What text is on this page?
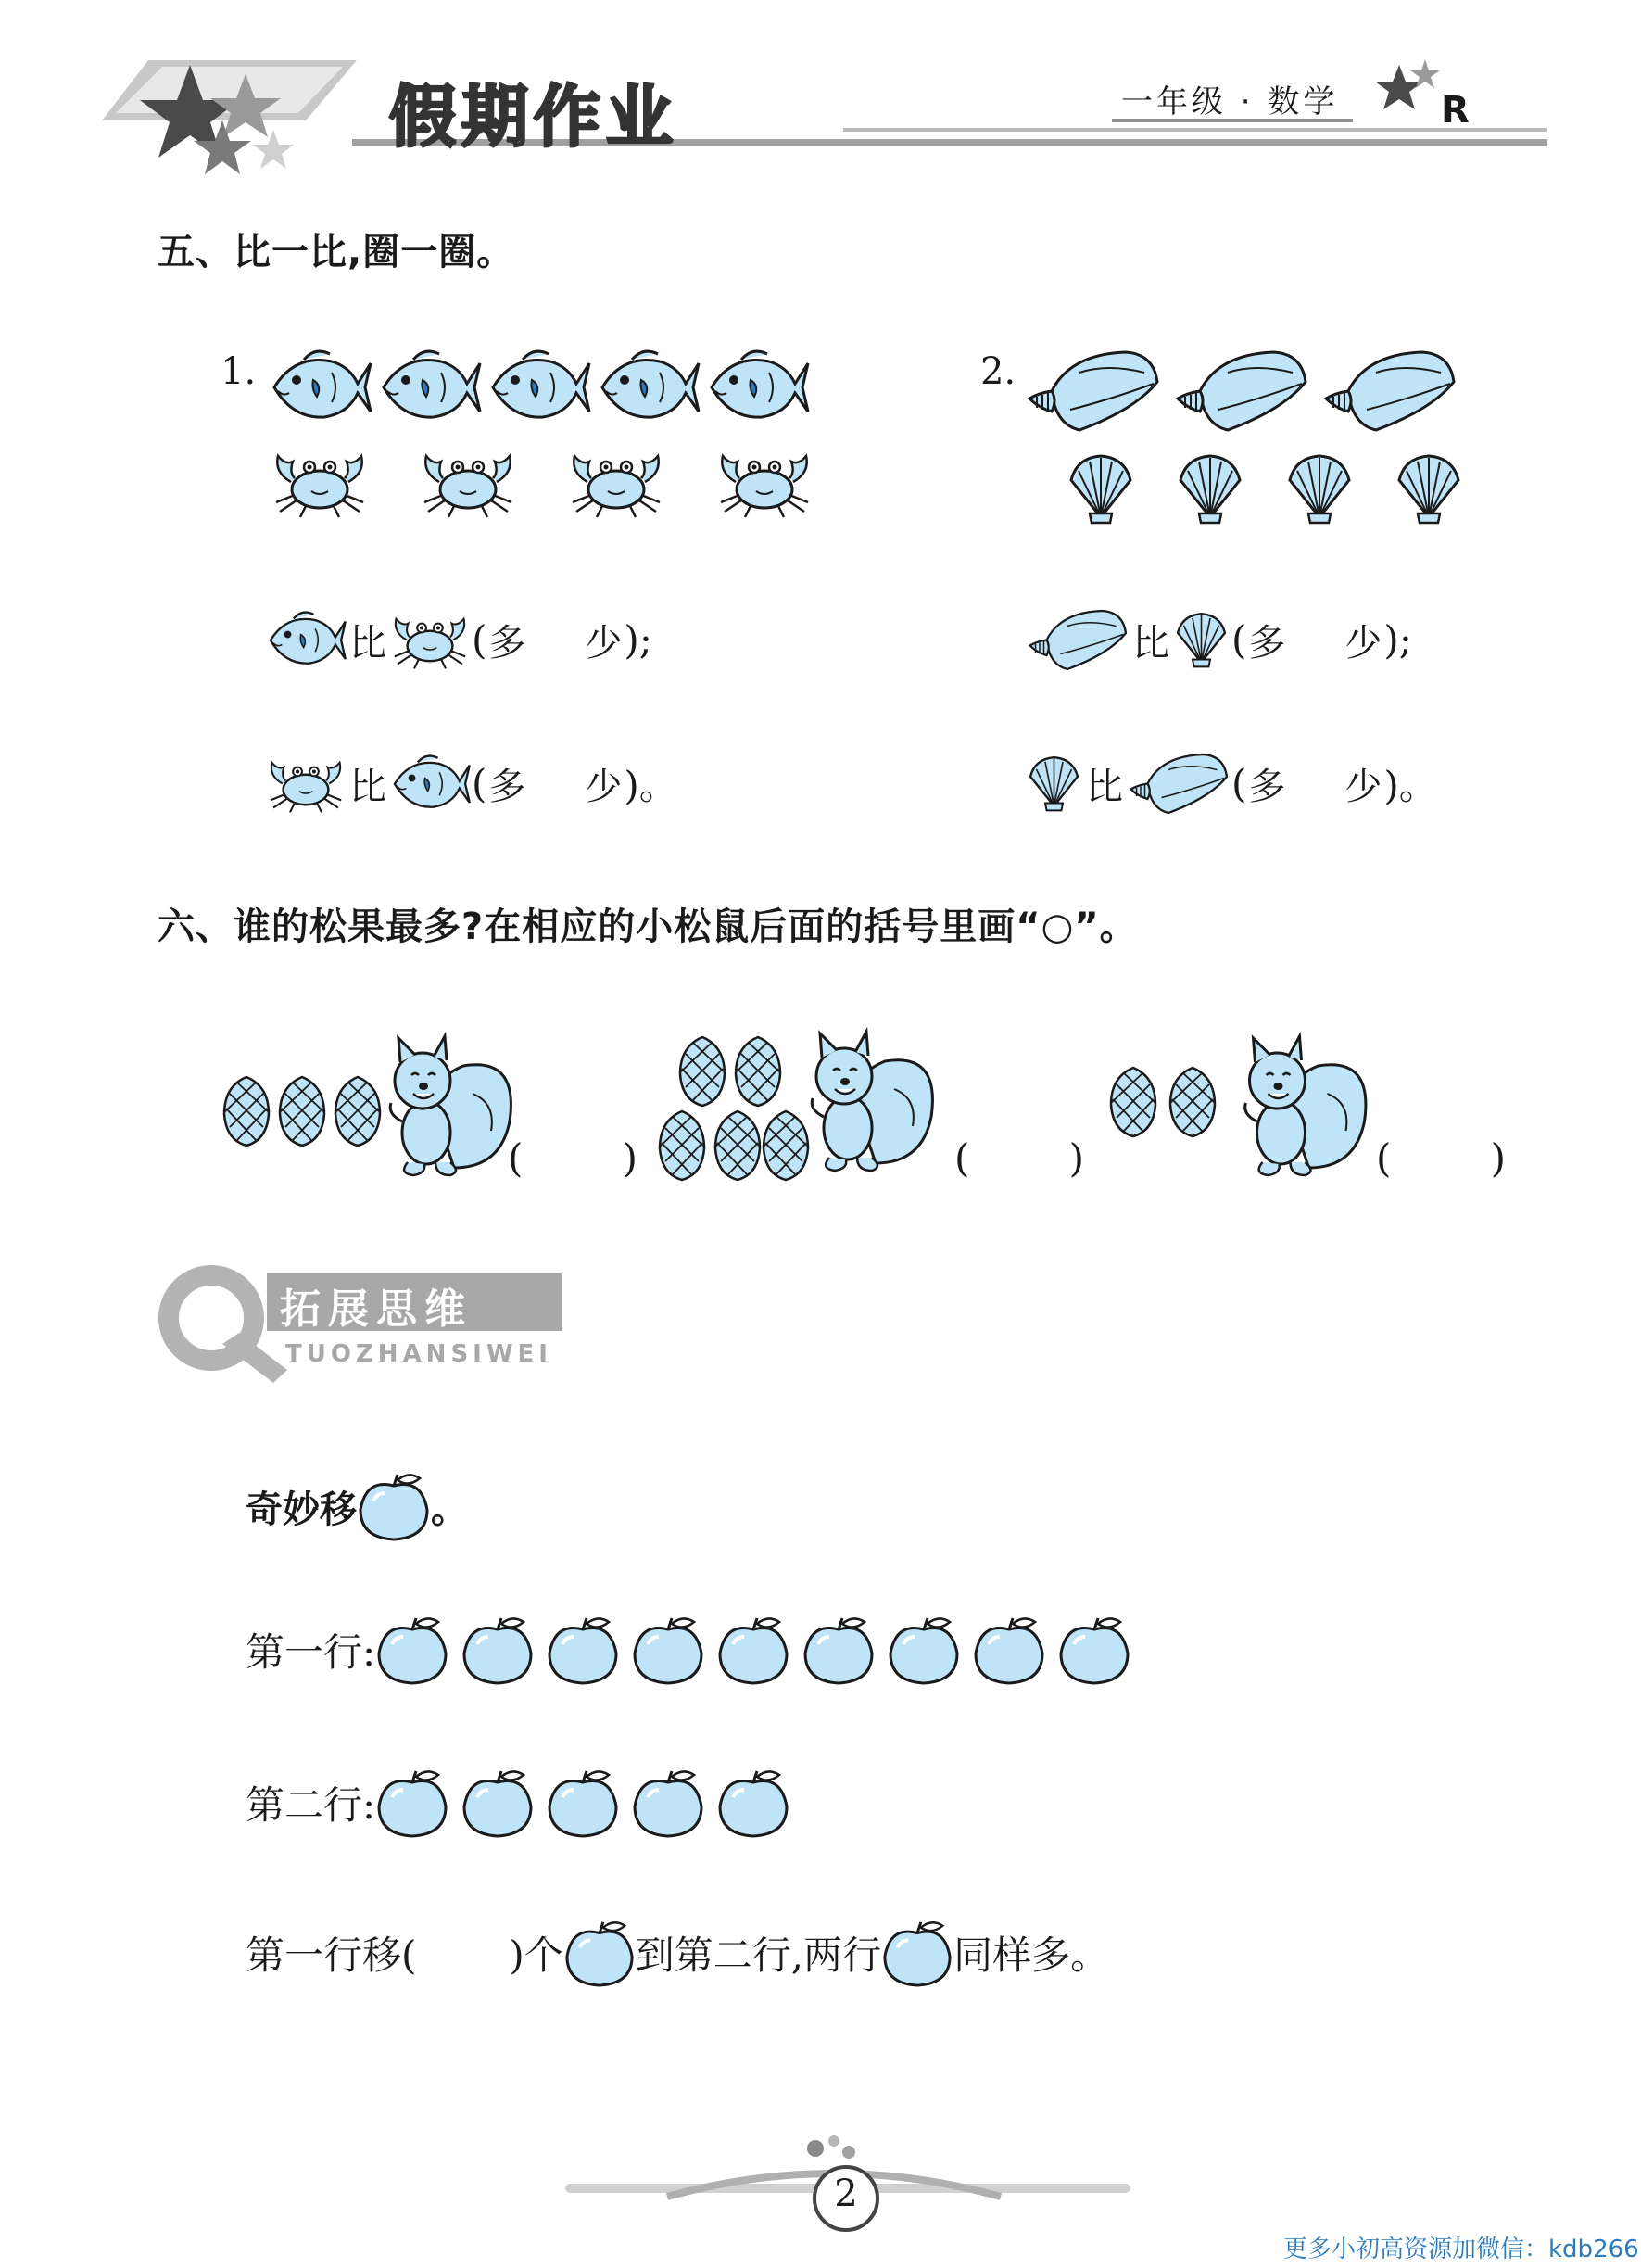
假期作业	一年级 · 数学	R
五、比一比,圈一圈。
1.
比 ( 多 少 );
比 ( 多 少 )。
2.
比 ( 多 少 );
比	( 多 少 )。
六、谁的松果最多?在相应的小松鼠后面的括号里画“○”。
(	)	(	)	(	)
拓展思维
TUOZHANSIWEI
奇妙移 。
第一行:
第二行:
第一行移( )个 到第二行,两行 同样多。
2
更多小初高资源加微信：kdb266
